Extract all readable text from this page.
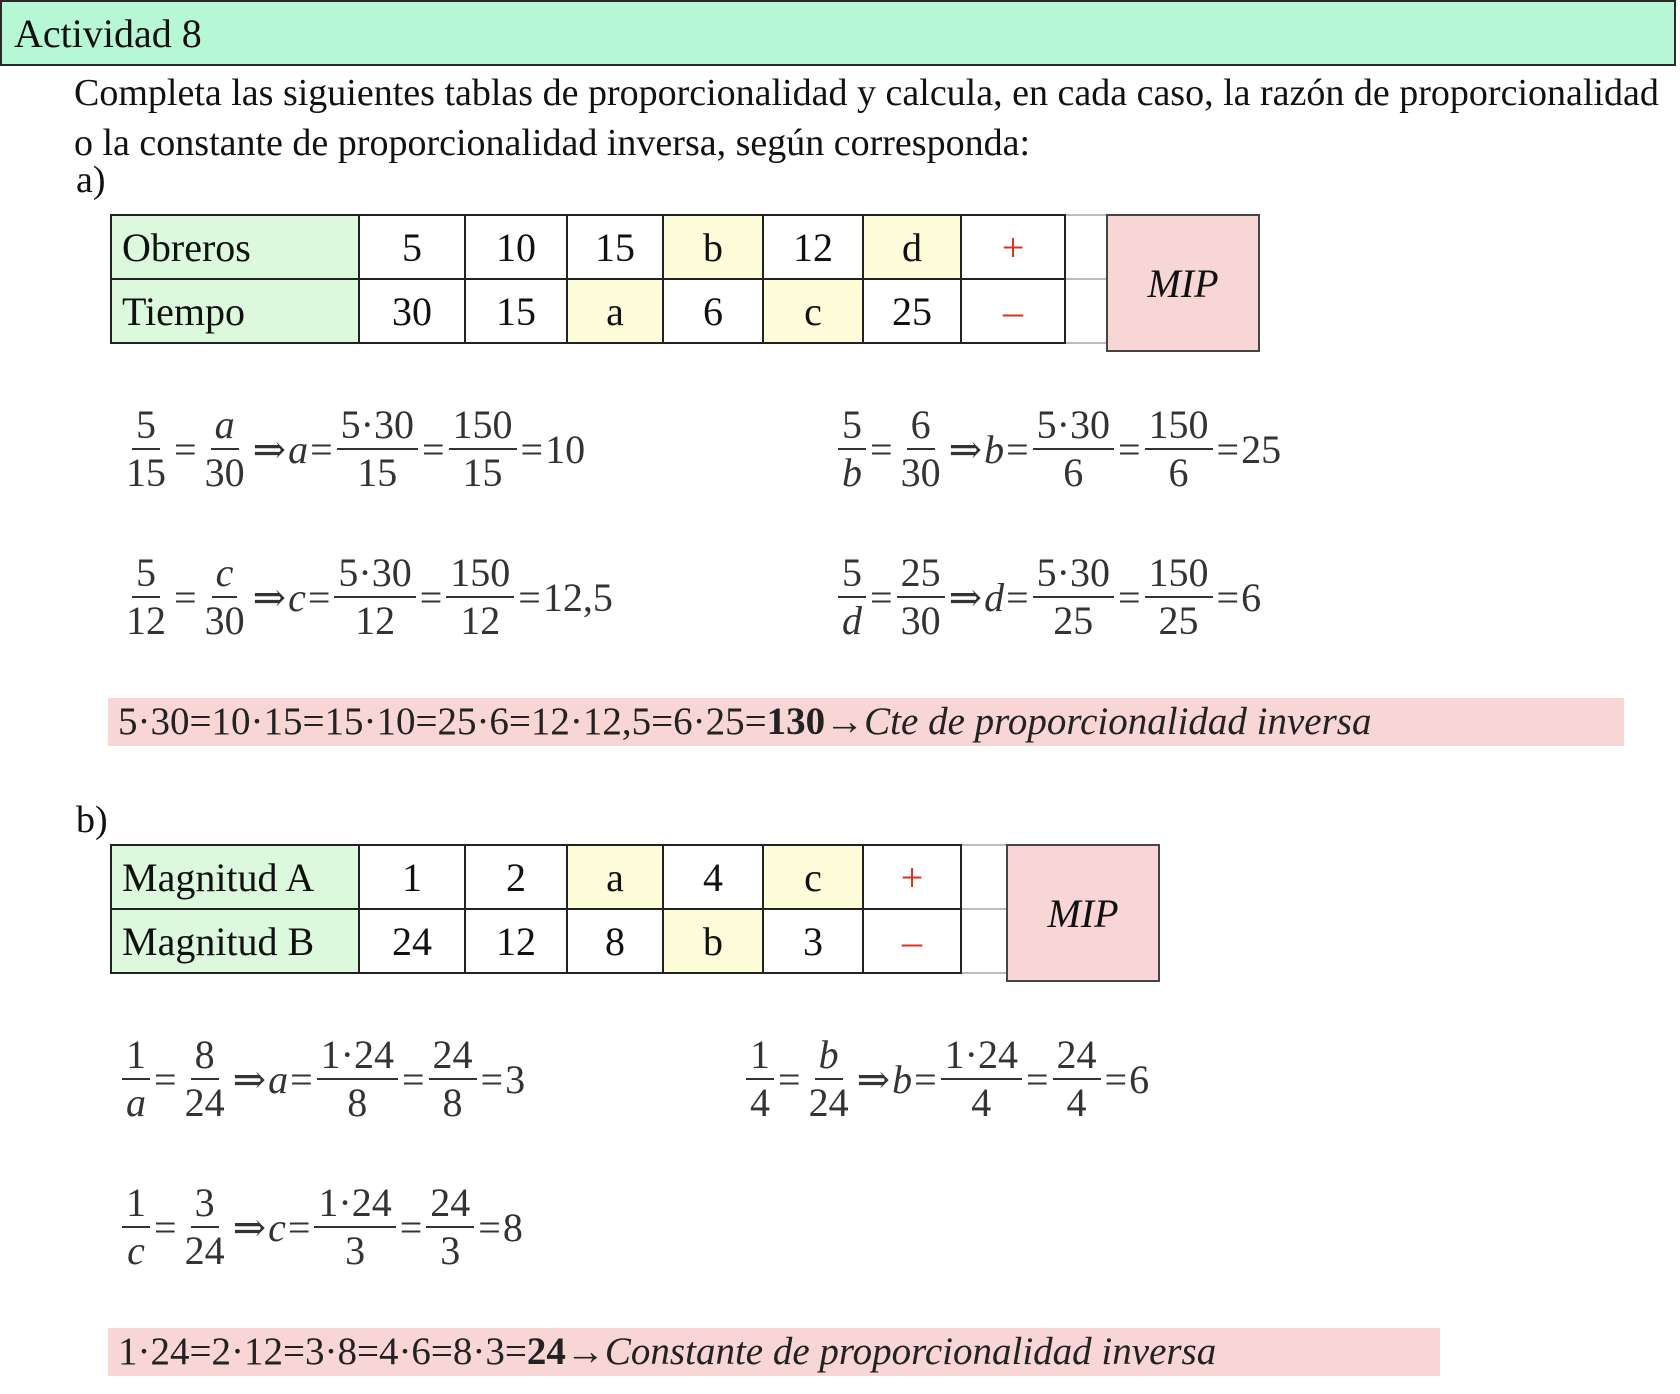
Actividad 8
Completa las siguientes tablas de proporcionalidad y calcula, en cada caso, la razón de proporcionalidad o la constante de proporcionalidad inversa, según corresponda:
a)
Obreros	5	10	15	b	12	d	+	
Tiempo	30	15	a	6	c	25	–	
MIP
$\frac{5}{15} = \frac{a}{30}$ ⇒ $a = \frac{5\cdot 30}{15} = \frac{150}{15} = 10$	$\frac{5}{b} = \frac{6}{30}$ ⇒ $b = \frac{5\cdot 30}{6} = \frac{150}{6} = 25$
$\frac{5}{12} = \frac{c}{30}$ ⇒ $c = \frac{5\cdot 30}{12} = \frac{150}{12} = 12,5$	$\frac{5}{d} = \frac{25}{30}$ ⇒ $d = \frac{5\cdot 30}{25} = \frac{150}{25} = 6$
5·30=10·15=15·10=25·6=12·12,5=6·25=130→Cte de proporcionalidad inversa
b)
Magnitud A	1	2	a	4	c	+	
Magnitud B	24	12	8	b	3	–	
MIP
$\frac{1}{a} = \frac{8}{24}$ ⇒ $a = \frac{1\cdot 24}{8} = \frac{24}{8} = 3$	$\frac{1}{4} = \frac{b}{24}$ ⇒ $b = \frac{1\cdot 24}{4} = \frac{24}{4} = 6$
$\frac{1}{c} = \frac{3}{24}$ ⇒ $c = \frac{1\cdot 24}{3} = \frac{24}{3} = 8$
1·24=2·12=3·8=4·6=8·3=24→Constante de proporcionalidad inversa
